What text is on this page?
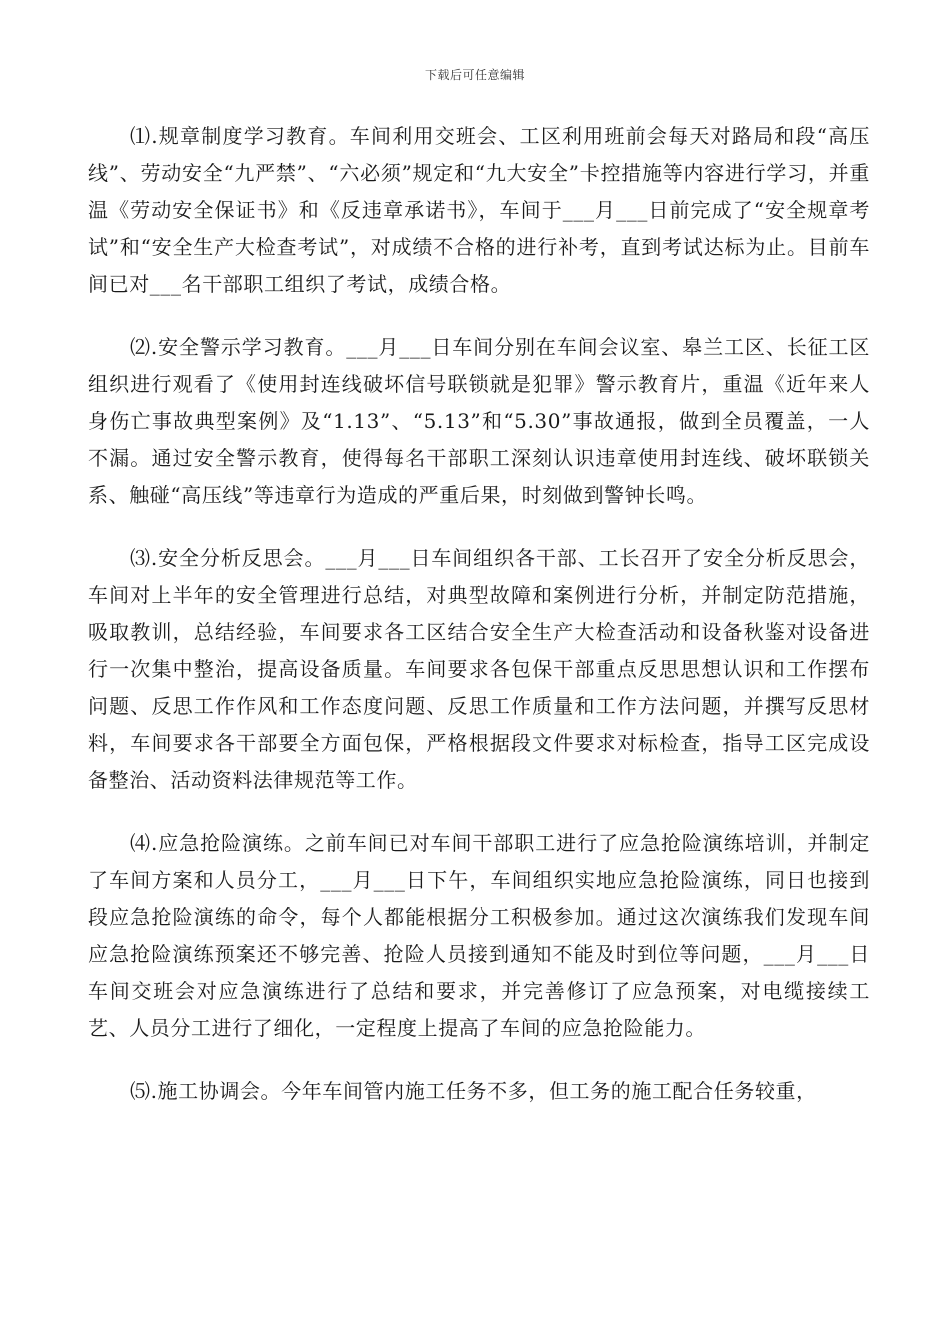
下载后可任意编辑

⑴.规章制度学习教育。车间利用交班会、工区利用班前会每天对路局和段“高压线”、劳动安全“九严禁”、“六必须”规定和“九大安全”卡控措施等内容进行学习，并重温《劳动安全保证书》和《反违章承诺书》，车间于___月___日前完成了“安全规章考试”和“安全生产大检查考试”，对成绩不合格的进行补考，直到考试达标为止。目前车间已对___名干部职工组织了考试，成绩合格。

⑵.安全警示学习教育。___月___日车间分别在车间会议室、皋兰工区、长征工区组织进行观看了《使用封连线破坏信号联锁就是犯罪》警示教育片，重温《近年来人身伤亡事故典型案例》及“1.13”、“5.13”和“5.30”事故通报，做到全员覆盖，一人不漏。通过安全警示教育，使得每名干部职工深刻认识违章使用封连线、破坏联锁关系、触碰“高压线”等违章行为造成的严重后果，时刻做到警钟长鸣。

⑶.安全分析反思会。___月___日车间组织各干部、工长召开了安全分析反思会，车间对上半年的安全管理进行总结，对典型故障和案例进行分析，并制定防范措施，吸取教训，总结经验，车间要求各工区结合安全生产大检查活动和设备秋鉴对设备进行一次集中整治，提高设备质量。车间要求各包保干部重点反思思想认识和工作摆布问题、反思工作作风和工作态度问题、反思工作质量和工作方法问题，并撰写反思材料，车间要求各干部要全方面包保，严格根据段文件要求对标检查，指导工区完成设备整治、活动资料法律规范等工作。

⑷.应急抢险演练。之前车间已对车间干部职工进行了应急抢险演练培训，并制定了车间方案和人员分工，___月___日下午，车间组织实地应急抢险演练，同日也接到段应急抢险演练的命令，每个人都能根据分工积极参加。通过这次演练我们发现车间应急抢险演练预案还不够完善、抢险人员接到通知不能及时到位等问题，___月___日车间交班会对应急演练进行了总结和要求，并完善修订了应急预案，对电缆接续工艺、人员分工进行了细化，一定程度上提高了车间的应急抢险能力。

⑸.施工协调会。今年车间管内施工任务不多，但工务的施工配合任务较重，
